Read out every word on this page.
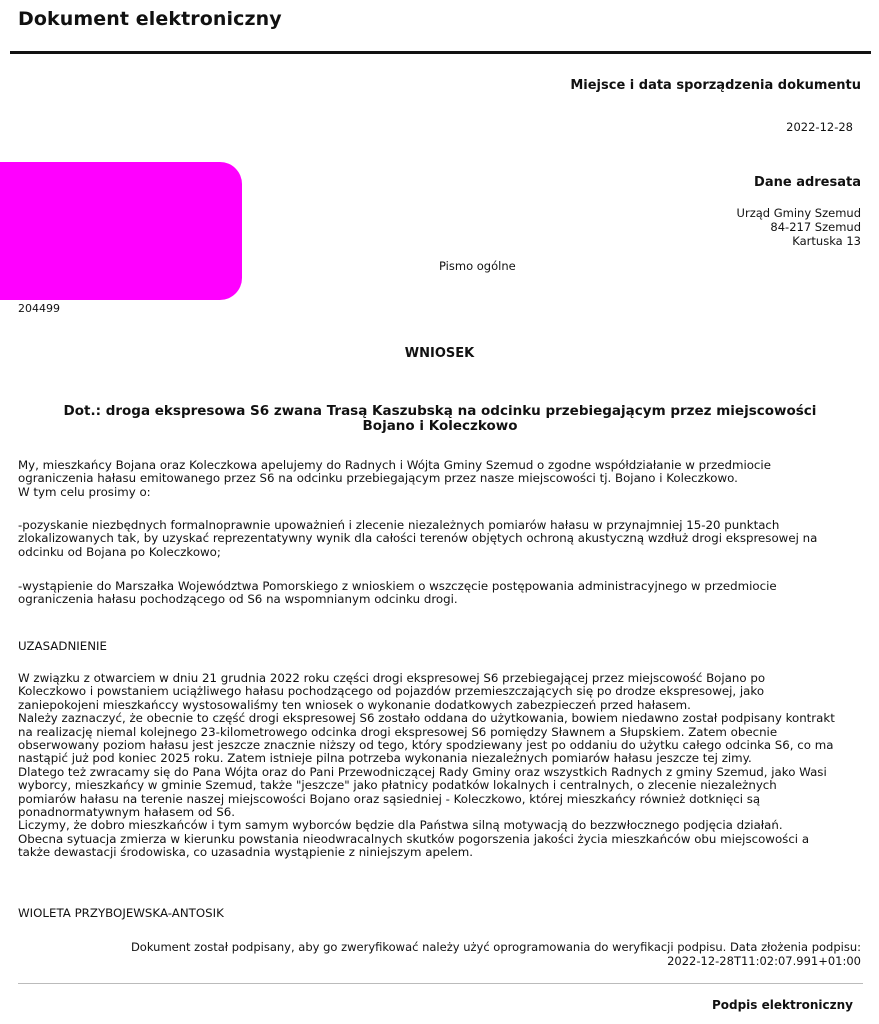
Dokument elektroniczny
Miejsce i data sporządzenia dokumentu
2022-12-28
Dane adresata
Urząd Gminy Szemud
84-217 Szemud
Kartuska 13
Pismo ogólne
204499
WNIOSEK
Dot.: droga ekspresowa S6 zwana Trasą Kaszubską na odcinku przebiegającym przez miejscowości
Bojano i Koleczkowo
My, mieszkańcy Bojana oraz Koleczkowa apelujemy do Radnych i Wójta Gminy Szemud o zgodne współdziałanie w przedmiocie
ograniczenia hałasu emitowanego przez S6 na odcinku przebiegającym przez nasze miejscowości tj. Bojano i Koleczkowo.
W tym celu prosimy o:
-pozyskanie niezbędnych formalnoprawnie upoważnień i zlecenie niezależnych pomiarów hałasu w przynajmniej 15-20 punktach
zlokalizowanych tak, by uzyskać reprezentatywny wynik dla całości terenów objętych ochroną akustyczną wzdłuż drogi ekspresowej na
odcinku od Bojana po Koleczkowo;
-wystąpienie do Marszałka Województwa Pomorskiego z wnioskiem o wszczęcie postępowania administracyjnego w przedmiocie
ograniczenia hałasu pochodzącego od S6 na wspomnianym odcinku drogi.
UZASADNIENIE
W związku z otwarciem w dniu 21 grudnia 2022 roku części drogi ekspresowej S6 przebiegającej przez miejscowość Bojano po
Koleczkowo i powstaniem uciążliwego hałasu pochodzącego od pojazdów przemieszczających się po drodze ekspresowej, jako
zaniepokojeni mieszkańccy wystosowaliśmy ten wniosek o wykonanie dodatkowych zabezpieczeń przed hałasem.
Należy zaznaczyć, że obecnie to część drogi ekspresowej S6 zostało oddana do użytkowania, bowiem niedawno został podpisany kontrakt
na realizację niemal kolejnego 23-kilometrowego odcinka drogi ekspresowej S6 pomiędzy Sławnem a Słupskiem. Zatem obecnie
obserwowany poziom hałasu jest jeszcze znacznie niższy od tego, który spodziewany jest po oddaniu do użytku całego odcinka S6, co ma
nastąpić już pod koniec 2025 roku. Zatem istnieje pilna potrzeba wykonania niezależnych pomiarów hałasu jeszcze tej zimy.
Dlatego też zwracamy się do Pana Wójta oraz do Pani Przewodniczącej Rady Gminy oraz wszystkich Radnych z gminy Szemud, jako Wasi
wyborcy, mieszkańcy w gminie Szemud, także "jeszcze" jako płatnicy podatków lokalnych i centralnych, o zlecenie niezależnych
pomiarów hałasu na terenie naszej miejscowości Bojano oraz sąsiedniej - Koleczkowo, której mieszkańcy również dotknięci są
ponadnormatywnym hałasem od S6.
Liczymy, że dobro mieszkańców i tym samym wyborców będzie dla Państwa silną motywacją do bezzwłocznego podjęcia działań.
Obecna sytuacja zmierza w kierunku powstania nieodwracalnych skutków pogorszenia jakości życia mieszkańców obu miejscowości a
także dewastacji środowiska, co uzasadnia wystąpienie z niniejszym apelem.
WIOLETA PRZYBOJEWSKA-ANTOSIK
Dokument został podpisany, aby go zweryfikować należy użyć oprogramowania do weryfikacji podpisu. Data złożenia podpisu:
2022-12-28T11:02:07.991+01:00
Podpis elektroniczny
